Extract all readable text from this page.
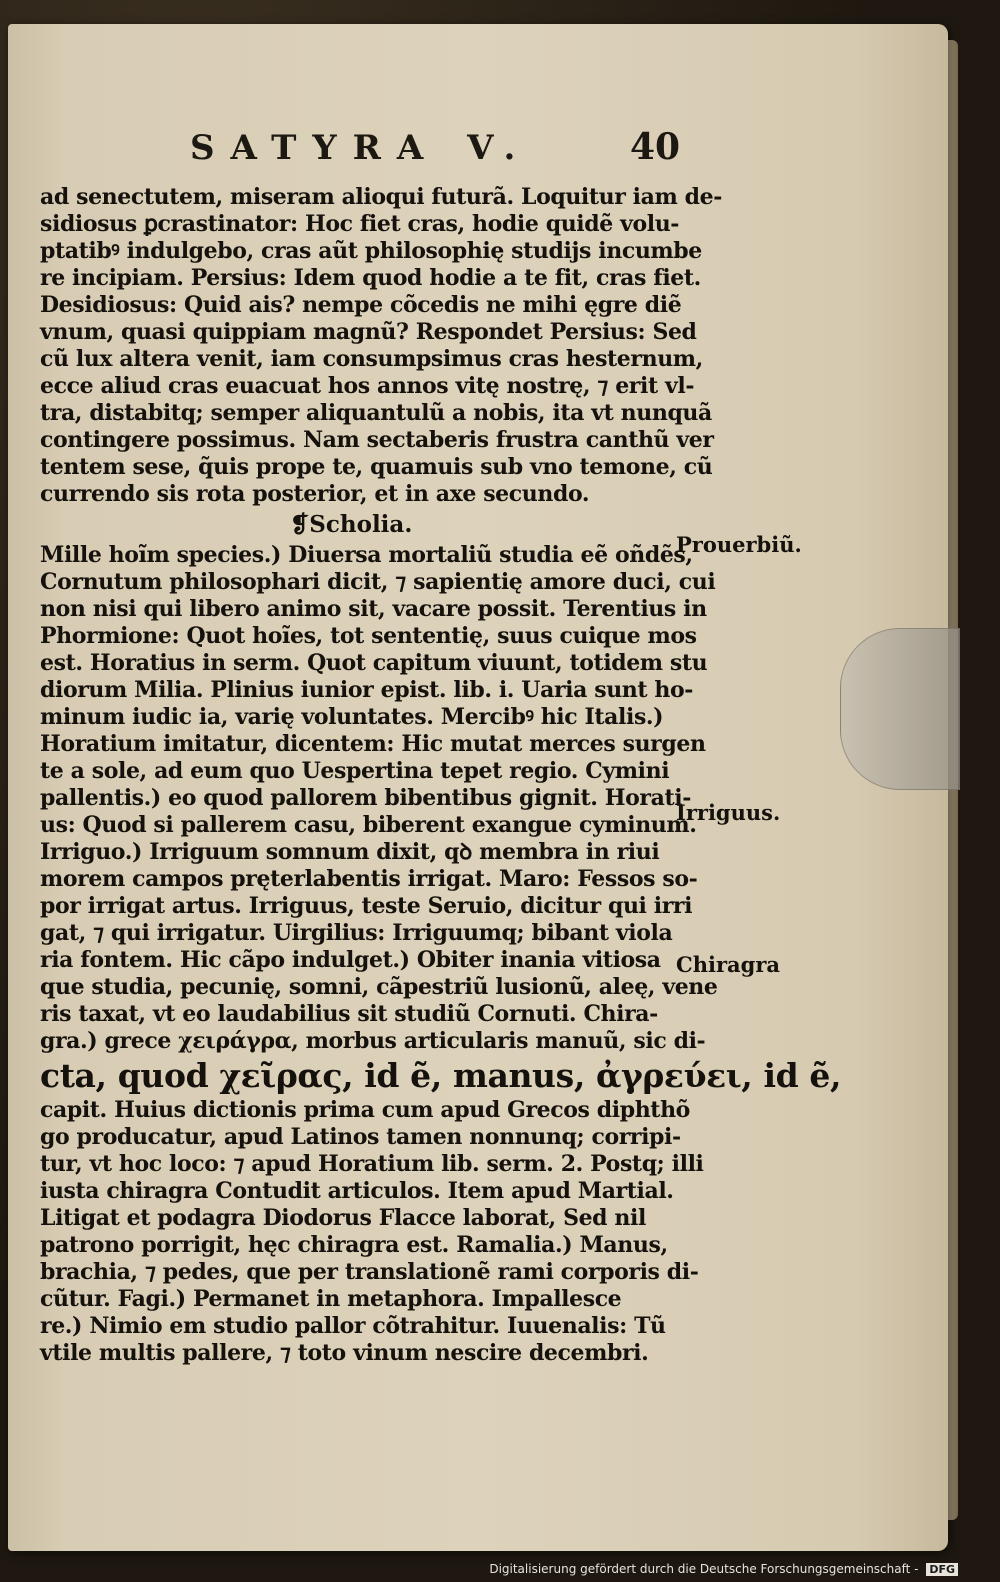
SATYRA V.	40
ad senectutem, miseram alioqui futurã. Loquitur iam de-
sidiosus ꝑcrastinator: Hoc fiet cras, hodie quidẽ volu-
ptatibꝰ indulgebo, cras aũt philosophię studijs incumbe
re incipiam. Persius: Idem quod hodie a te fit, cras fiet.
Desidiosus: Quid ais? nempe cõcedis ne mihi ęgre diẽ
vnum, quasi quippiam magnũ? Respondet Persius: Sed
cũ lux altera venit, iam consumpsimus cras hesternum,
ecce aliud cras euacuat hos annos vitę nostrę, ⁊ erit vl-
tra, distabitq; semper aliquantulũ a nobis, ita vt nunquã
contingere possimus. Nam sectaberis frustra canthũ ver
tentem sese, q̃uis prope te, quamuis sub vno temone, cũ
currendo sis rota posterior, et in axe secundo.
❡Scholia.
Mille hoĩm species.) Diuersa mortaliũ studia eẽ oñdẽs,
Cornutum philosophari dicit, ⁊ sapientię amore duci, cui
non nisi qui libero animo sit, vacare possit. Terentius in
Phormione: Quot hoĩes, tot sententię, suus cuique mos
est. Horatius in serm. Quot capitum viuunt, totidem stu
diorum Milia. Plinius iunior epist. lib. i. Uaria sunt ho-
minum iudic ia, varię voluntates. Mercibꝰ hic Italis.)
Horatium imitatur, dicentem: Hic mutat merces surgen
te a sole, ad eum quo Uespertina tepet regio. Cymini
pallentis.) eo quod pallorem bibentibus gignit. Horati-
us: Quod si pallerem casu, biberent exangue cyminum.
Irriguo.) Irriguum somnum dixit, qꝺ membra in riui
morem campos pręterlabentis irrigat. Maro: Fessos so-
por irrigat artus. Irriguus, teste Seruio, dicitur qui irri
gat, ⁊ qui irrigatur. Uirgilius: Irriguumq; bibant viola
ria fontem. Hic cãpo indulget.) Obiter inania vitiosa
que studia, pecunię, somni, cãpestriũ lusionũ, aleę, vene
ris taxat, vt eo laudabilius sit studiũ Cornuti. Chira-
gra.) grece χειράγρα, morbus articularis manuũ, sic di-
cta, quod χεῖρας, id ẽ, manus, ἀγρεύει, id ẽ,
capit. Huius dictionis prima cum apud Grecos diphthõ
go producatur, apud Latinos tamen nonnunq; corripi-
tur, vt hoc loco: ⁊ apud Horatium lib. serm. 2. Postq; illi
iusta chiragra Contudit articulos. Item apud Martial.
Litigat et podagra Diodorus Flacce laborat, Sed nil
patrono porrigit, hęc chiragra est. Ramalia.) Manus,
brachia, ⁊ pedes, que per translationẽ rami corporis di-
cũtur. Fagi.) Permanet in metaphora. Impallesce
re.) Nimio em studio pallor cõtrahitur. Iuuenalis: Tũ
vtile multis pallere, ⁊ toto vinum nescire decembri.
Prouerbiũ.
Irriguus.
Chiragra
Digitalisierung gefördert durch die Deutsche Forschungsgemeinschaft - DFG
